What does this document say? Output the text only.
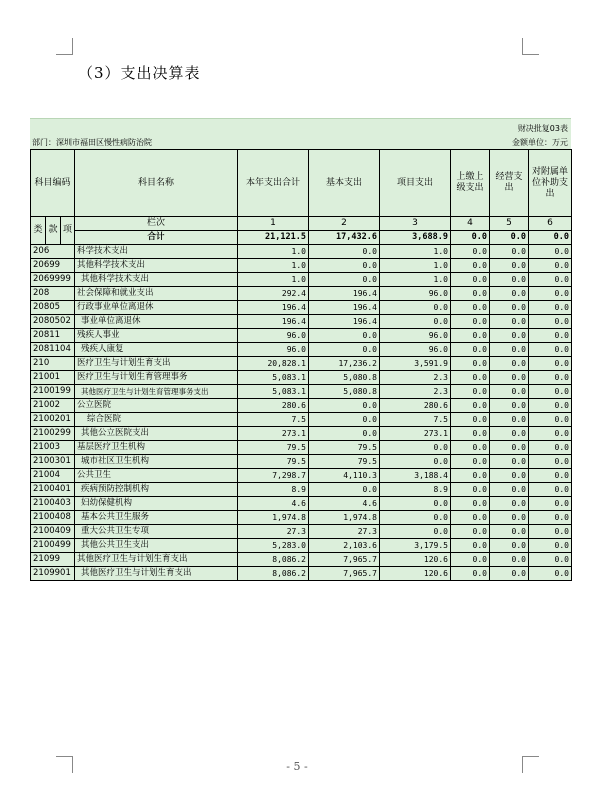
（3）支出决算表
财决批复03表
部门：深圳市福田区慢性病防治院	金额单位：万元
科目编码			科目名称	本年支出合计	基本支出	项目支出	上缴上级支出	经营支出	对附属单位补助支出
类	款	项	栏次	1	2	3	4	5	6
			合计	21,121.5	17,432.6	3,688.9	0.0	0.0	0.0
206			科学技术支出	1.0	0.0	1.0	0.0	0.0	0.0
20699			其他科学技术支出	1.0	0.0	1.0	0.0	0.0	0.0
2069999			其他科学技术支出	1.0	0.0	1.0	0.0	0.0	0.0
208			社会保障和就业支出	292.4	196.4	96.0	0.0	0.0	0.0
20805			行政事业单位离退休	196.4	196.4	0.0	0.0	0.0	0.0
2080502			事业单位离退休	196.4	196.4	0.0	0.0	0.0	0.0
20811			残疾人事业	96.0	0.0	96.0	0.0	0.0	0.0
2081104			残疾人康复	96.0	0.0	96.0	0.0	0.0	0.0
210			医疗卫生与计划生育支出	20,828.1	17,236.2	3,591.9	0.0	0.0	0.0
21001			医疗卫生与计划生育管理事务	5,083.1	5,080.8	2.3	0.0	0.0	0.0
2100199			其他医疗卫生与计划生育管理事务支出	5,083.1	5,080.8	2.3	0.0	0.0	0.0
21002			公立医院	280.6	0.0	280.6	0.0	0.0	0.0
2100201			综合医院	7.5	0.0	7.5	0.0	0.0	0.0
2100299			其他公立医院支出	273.1	0.0	273.1	0.0	0.0	0.0
21003			基层医疗卫生机构	79.5	79.5	0.0	0.0	0.0	0.0
2100301			城市社区卫生机构	79.5	79.5	0.0	0.0	0.0	0.0
21004			公共卫生	7,298.7	4,110.3	3,188.4	0.0	0.0	0.0
2100401			疾病预防控制机构	8.9	0.0	8.9	0.0	0.0	0.0
2100403			妇幼保健机构	4.6	4.6	0.0	0.0	0.0	0.0
2100408			基本公共卫生服务	1,974.8	1,974.8	0.0	0.0	0.0	0.0
2100409			重大公共卫生专项	27.3	27.3	0.0	0.0	0.0	0.0
2100499			其他公共卫生支出	5,283.0	2,103.6	3,179.5	0.0	0.0	0.0
21099			其他医疗卫生与计划生育支出	8,086.2	7,965.7	120.6	0.0	0.0	0.0
2109901			其他医疗卫生与计划生育支出	8,086.2	7,965.7	120.6	0.0	0.0	0.0
- 5 -
